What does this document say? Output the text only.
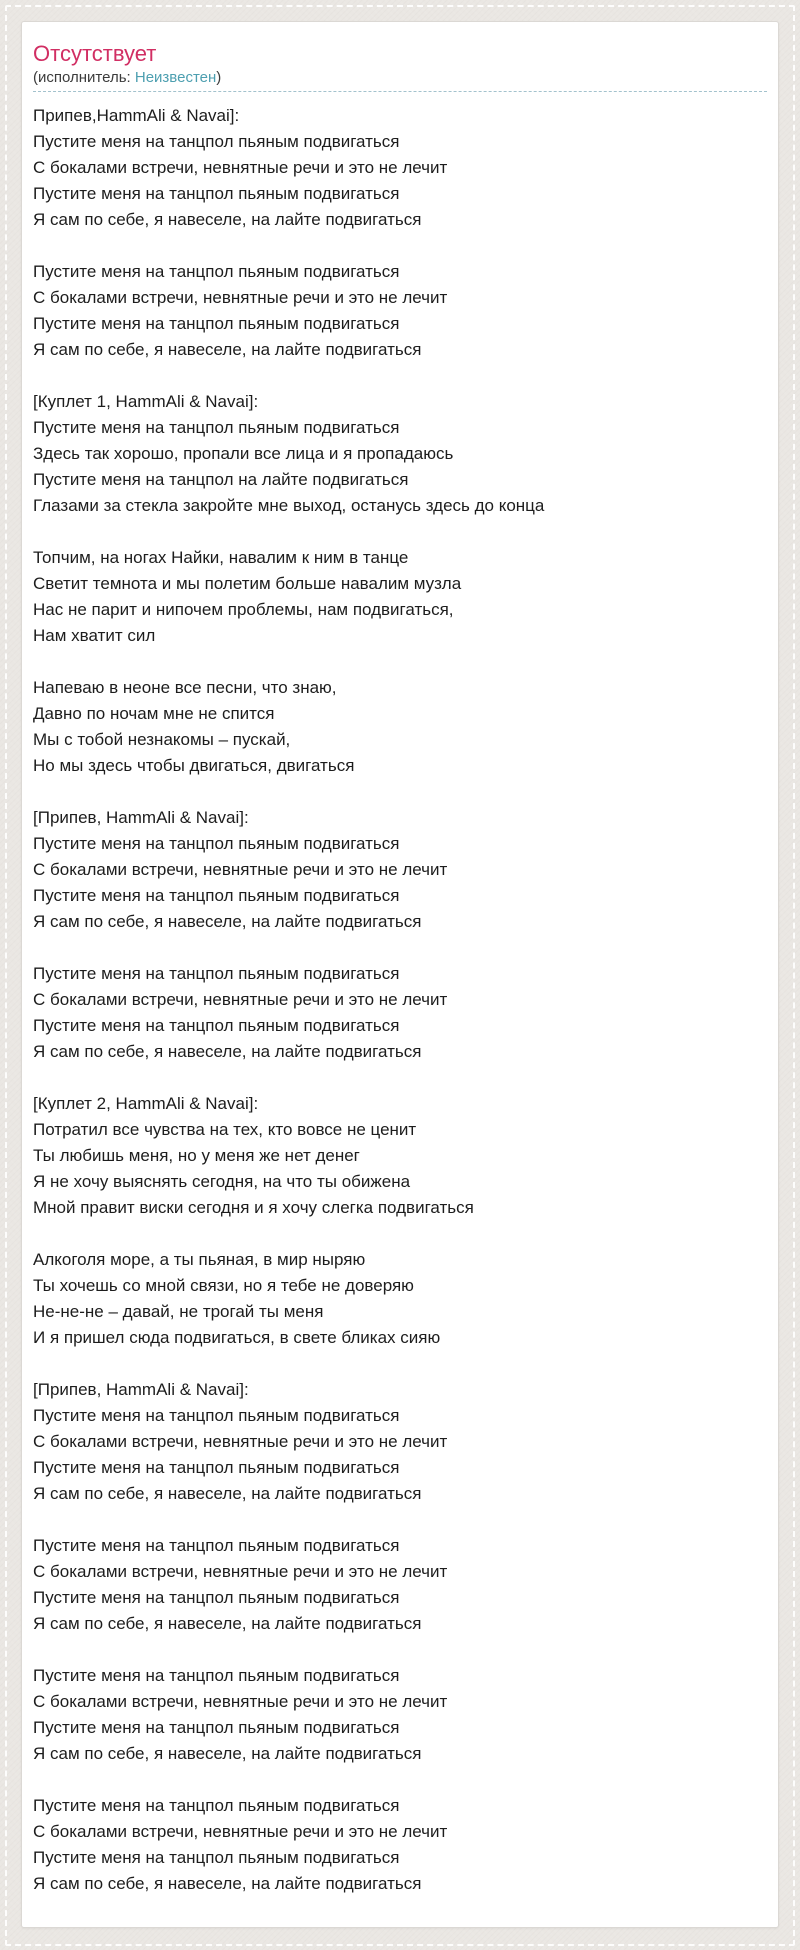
Отсутствует
(исполнитель: Неизвестен)

Припев,HammAli & Navai]:
Пустите меня на танцпол пьяным подвигаться
С бокалами встречи, невнятные речи и это не лечит
Пустите меня на танцпол пьяным подвигаться
Я сам по себе, я навеселе, на лайте подвигаться

Пустите меня на танцпол пьяным подвигаться
С бокалами встречи, невнятные речи и это не лечит
Пустите меня на танцпол пьяным подвигаться
Я сам по себе, я навеселе, на лайте подвигаться

[Куплет 1, HammAli & Navai]:
Пустите меня на танцпол пьяным подвигаться
Здесь так хорошо, пропали все лица и я пропадаюсь
Пустите меня на танцпол на лайте подвигаться
Глазами за стекла закройте мне выход, останусь здесь до конца

Топчим, на ногах Найки, навалим к ним в танце
Светит темнота и мы полетим больше навалим музла
Нас не парит и нипочем проблемы, нам подвигаться,
Нам хватит сил

Напеваю в неоне все песни, что знаю,
Давно по ночам мне не спится
Мы с тобой незнакомы – пускай,
Но мы здесь чтобы двигаться, двигаться

[Припев, HammAli & Navai]:
Пустите меня на танцпол пьяным подвигаться
С бокалами встречи, невнятные речи и это не лечит
Пустите меня на танцпол пьяным подвигаться
Я сам по себе, я навеселе, на лайте подвигаться

Пустите меня на танцпол пьяным подвигаться
С бокалами встречи, невнятные речи и это не лечит
Пустите меня на танцпол пьяным подвигаться
Я сам по себе, я навеселе, на лайте подвигаться

[Куплет 2, HammAli & Navai]:
Потратил все чувства на тех, кто вовсе не ценит
Ты любишь меня, но у меня же нет денег
Я не хочу выяснять сегодня, на что ты обижена
Мной правит виски сегодня и я хочу слегка подвигаться

Алкоголя море, а ты пьяная, в мир ныряю
Ты хочешь со мной связи, но я тебе не доверяю
Не-не-не – давай, не трогай ты меня
И я пришел сюда подвигаться, в свете бликах сияю

[Припев, HammAli & Navai]:
Пустите меня на танцпол пьяным подвигаться
С бокалами встречи, невнятные речи и это не лечит
Пустите меня на танцпол пьяным подвигаться
Я сам по себе, я навеселе, на лайте подвигаться

Пустите меня на танцпол пьяным подвигаться
С бокалами встречи, невнятные речи и это не лечит
Пустите меня на танцпол пьяным подвигаться
Я сам по себе, я навеселе, на лайте подвигаться

Пустите меня на танцпол пьяным подвигаться
С бокалами встречи, невнятные речи и это не лечит
Пустите меня на танцпол пьяным подвигаться
Я сам по себе, я навеселе, на лайте подвигаться

Пустите меня на танцпол пьяным подвигаться
С бокалами встречи, невнятные речи и это не лечит
Пустите меня на танцпол пьяным подвигаться
Я сам по себе, я навеселе, на лайте подвигаться
